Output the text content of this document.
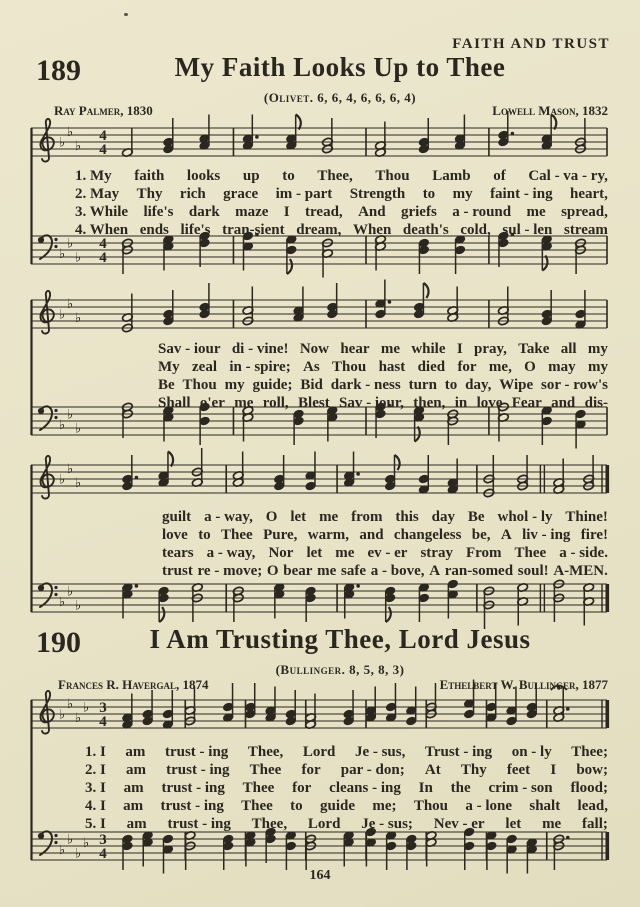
FAITH AND TRUST
189	My Faith Looks Up to Thee
(Olivet. 6, 6, 4, 6, 6, 6, 4)
Ray Palmer, 1830	Lowell Mason, 1832
♭
♭
♭
4
4
♭
♭
♭
4
4
♭
♭
♭
♭
♭
♭
♭
♭
♭
♭
♭
♭
1. My faith looks up to Thee, Thou Lamb of Cal - va - ry,
2. May Thy rich grace im - part Strength to my faint - ing heart,
3. While life's dark maze I tread, And griefs a - round me spread,
4. When ends life's tran-sient dream, When death's cold, sul - len stream
Sav - iour di - vine! Now hear me while I pray, Take all my
My zeal in - spire; As Thou hast died for me, O may my
Be Thou my guide; Bid dark - ness turn to day, Wipe sor - row's
Shall o'er me roll, Blest Sav - iour, then, in love Fear and dis-
guilt a - way, O let me from this day Be whol - ly Thine!
love to Thee Pure, warm, and changeless be, A liv - ing fire!
tears a - way, Nor let me ev - er stray From Thee a - side.
trust re - move; O bear me safe a - bove, A ran-somed soul! A-MEN.
190	I Am Trusting Thee, Lord Jesus
(Bullinger. 8, 5, 8, 3)
Frances R. Havergal, 1874	Ethelbert W. Bullinger, 1877
♭
♭
♭
♭ 3
4
♭
♭
♭
♭ 3
4
1. I am trust - ing Thee, Lord Je - sus, Trust - ing on - ly Thee;
2. I am trust - ing Thee for par - don; At Thy feet I bow;
3. I am trust - ing Thee for cleans - ing In the crim - son flood;
4. I am trust - ing Thee to guide me; Thou a - lone shalt lead,
5. I am trust - ing Thee, Lord Je - sus; Nev - er let me fall;
164
